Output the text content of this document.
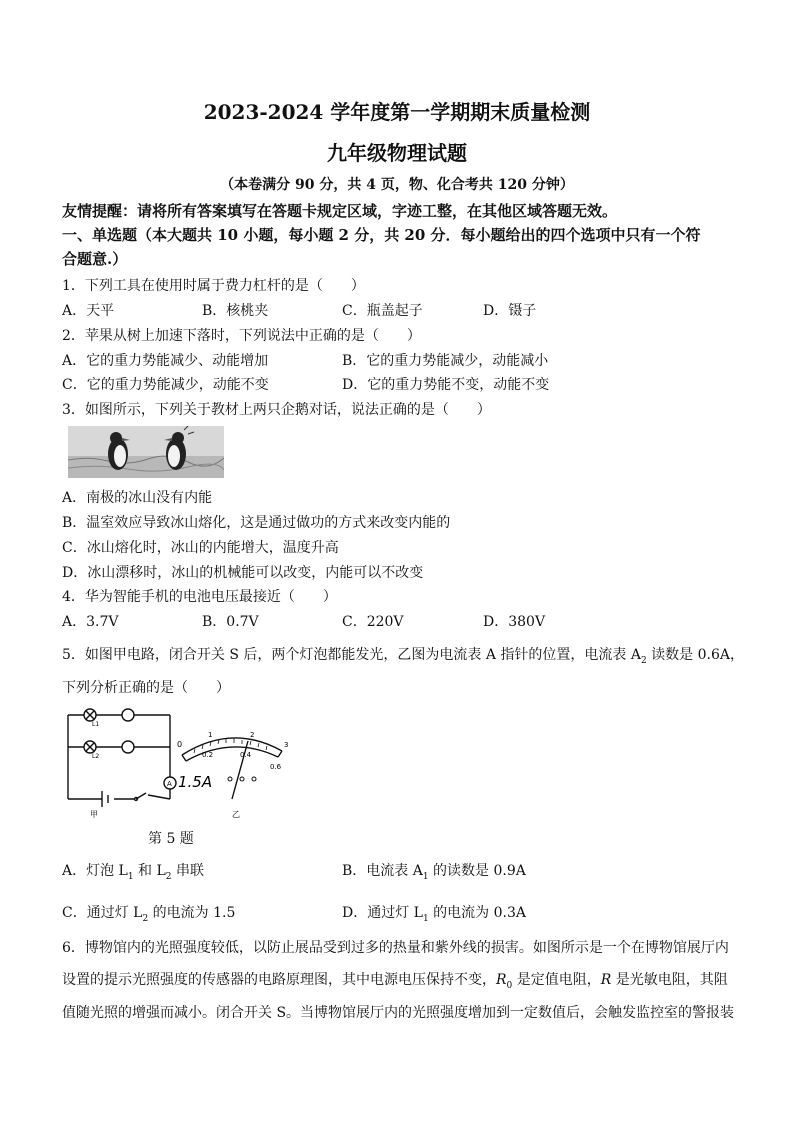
2023-2024 学年度第一学期期末质量检测
九年级物理试题
（本卷满分 90 分，共 4 页，物、化合考共 120 分钟）
友情提醒：请将所有答案填写在答题卡规定区域，字迹工整，在其他区域答题无效。
一、单选题（本大题共 10 小题，每小题 2 分，共 20 分．每小题给出的四个选项中只有一个符
合题意.）
1．下列工具在使用时属于费力杠杆的是（　　）
A．天平	B．核桃夹	C．瓶盖起子	D．镊子
2．苹果从树上加速下落时，下列说法中正确的是（　　）
A．它的重力势能减少、动能增加	B．它的重力势能减少，动能减小
C．它的重力势能减少，动能不变	D．它的重力势能不变，动能不变
3．如图所示，下列关于教材上两只企鹅对话，说法正确的是（　　）
A．南极的冰山没有内能
B．温室效应导致冰山熔化，这是通过做功的方式来改变内能的
C．冰山熔化时，冰山的内能增大，温度升高
D．冰山漂移时，冰山的机械能可以改变，内能可以不改变
4．华为智能手机的电池电压最接近（　　）
A．3.7V	B．0.7V	C．220V	D．380V
5．如图甲电路，闭合开关 S 后，两个灯泡都能发光，乙图为电流表 A 指针的位置，电流表 $A_2$ 读数是 0.6A，
下列分析正确的是（　　）
L1
L2
A
0
0.2	0.4
0.6
1	2
3
1.5A
甲	乙
第 5 题
A．灯泡 $L_1$ 和 $L_2$ 串联	B．电流表 $A_1$ 的读数是 0.9A
C．通过灯 $L_2$ 的电流为 1.5	D．通过灯 $L_1$ 的电流为 0.3A
6．博物馆内的光照强度较低，以防止展品受到过多的热量和紫外线的损害。如图所示是一个在博物馆展厅内
设置的提示光照强度的传感器的电路原理图，其中电源电压保持不变，$R_0$ 是定值电阻，R 是光敏电阻，其阻
值随光照的增强而减小。闭合开关 S。当博物馆展厅内的光照强度增加到一定数值后，会触发监控室的警报装
